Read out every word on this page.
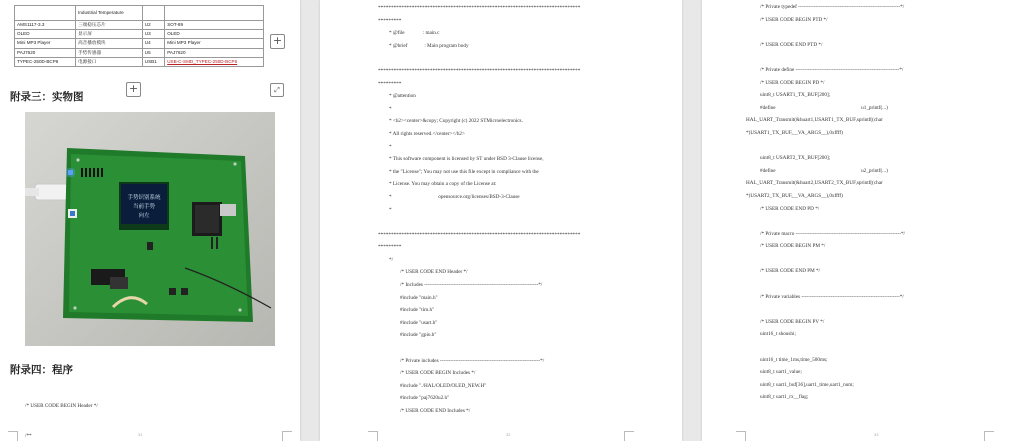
	Industrial Temperature		
AMS1117-3.3	三端稳压芯片	U2	SOT-89
OLED	显示屏	U3	OLED
Mini MP3 Player	高音播放模块	U4	Mini MP3 Player
PAJ7620	手势传感器	U5	PAJ7620
TYPEC-250D-BCP6	电源接口	USB1	USB-C-SMD_TYPEC-250D-BCP6
+
+	⤢
附录三：实物图
手势识别系统
当前手势
向左
附录四：程序

/* USER CODE BEGIN Header */

/**

	31
******************************************************************************
*********
* @file              : main.c
* @brief             : Main program body
******************************************************************************
*********
* @attention
*
* <h2><center>&copy; Copyright (c) 2022 STMicroelectronics.
* All rights reserved.</center></h2>
*
* This software component is licensed by ST under BSD 3-Clause license,
* the "License"; You may not use this file except in compliance with the
* License. You may obtain a copy of the License at:
*                                    opensource.org/licenses/BSD-3-Clause
*
******************************************************************************
*********
*/
/* USER CODE END Header */
/* Includes ------------------------------------------------------------------*/
#include "main.h"
#include "tim.h"
#include "usart.h"
#include "gpio.h"
/* Private includes ----------------------------------------------------------*/
/* USER CODE BEGIN Includes */
#include "./HAL/OLED/OLED_NEW.H"
#include "paj7620u2.h"
/* USER CODE END Includes */
32
/* Private typedef -----------------------------------------------------------*/
/* USER CODE BEGIN PTD */
/* USER CODE END PTD */
/* Private define ------------------------------------------------------------*/
/* USER CODE BEGIN PD */
uint8_t USART1_TX_BUF[200];
#define                                                                  u1_printf(...)
HAL_UART_Transmit(&huart1,USART1_TX_BUF,sprintf((char
*)USART1_TX_BUF,__VA_ARGS__),0xffff)
uint8_t USART2_TX_BUF[200];
#define                                                                  u2_printf(...)
HAL_UART_Transmit(&huart2,USART2_TX_BUF,sprintf((char
*)USART2_TX_BUF,__VA_ARGS__),0xffff)
/* USER CODE END PD */
/* Private macro -------------------------------------------------------------*/
/* USER CODE BEGIN PM */
/* USER CODE END PM */
/* Private variables ---------------------------------------------------------*/
/* USER CODE BEGIN PV */
uint16_t shoushi;
uint16_t time_1ms,time_500ms;
uint8_t uart1_value;
uint8_t uart1_buf[36],uart1_time,uart1_num;
uint8_t uart1_rx__flag;
33
